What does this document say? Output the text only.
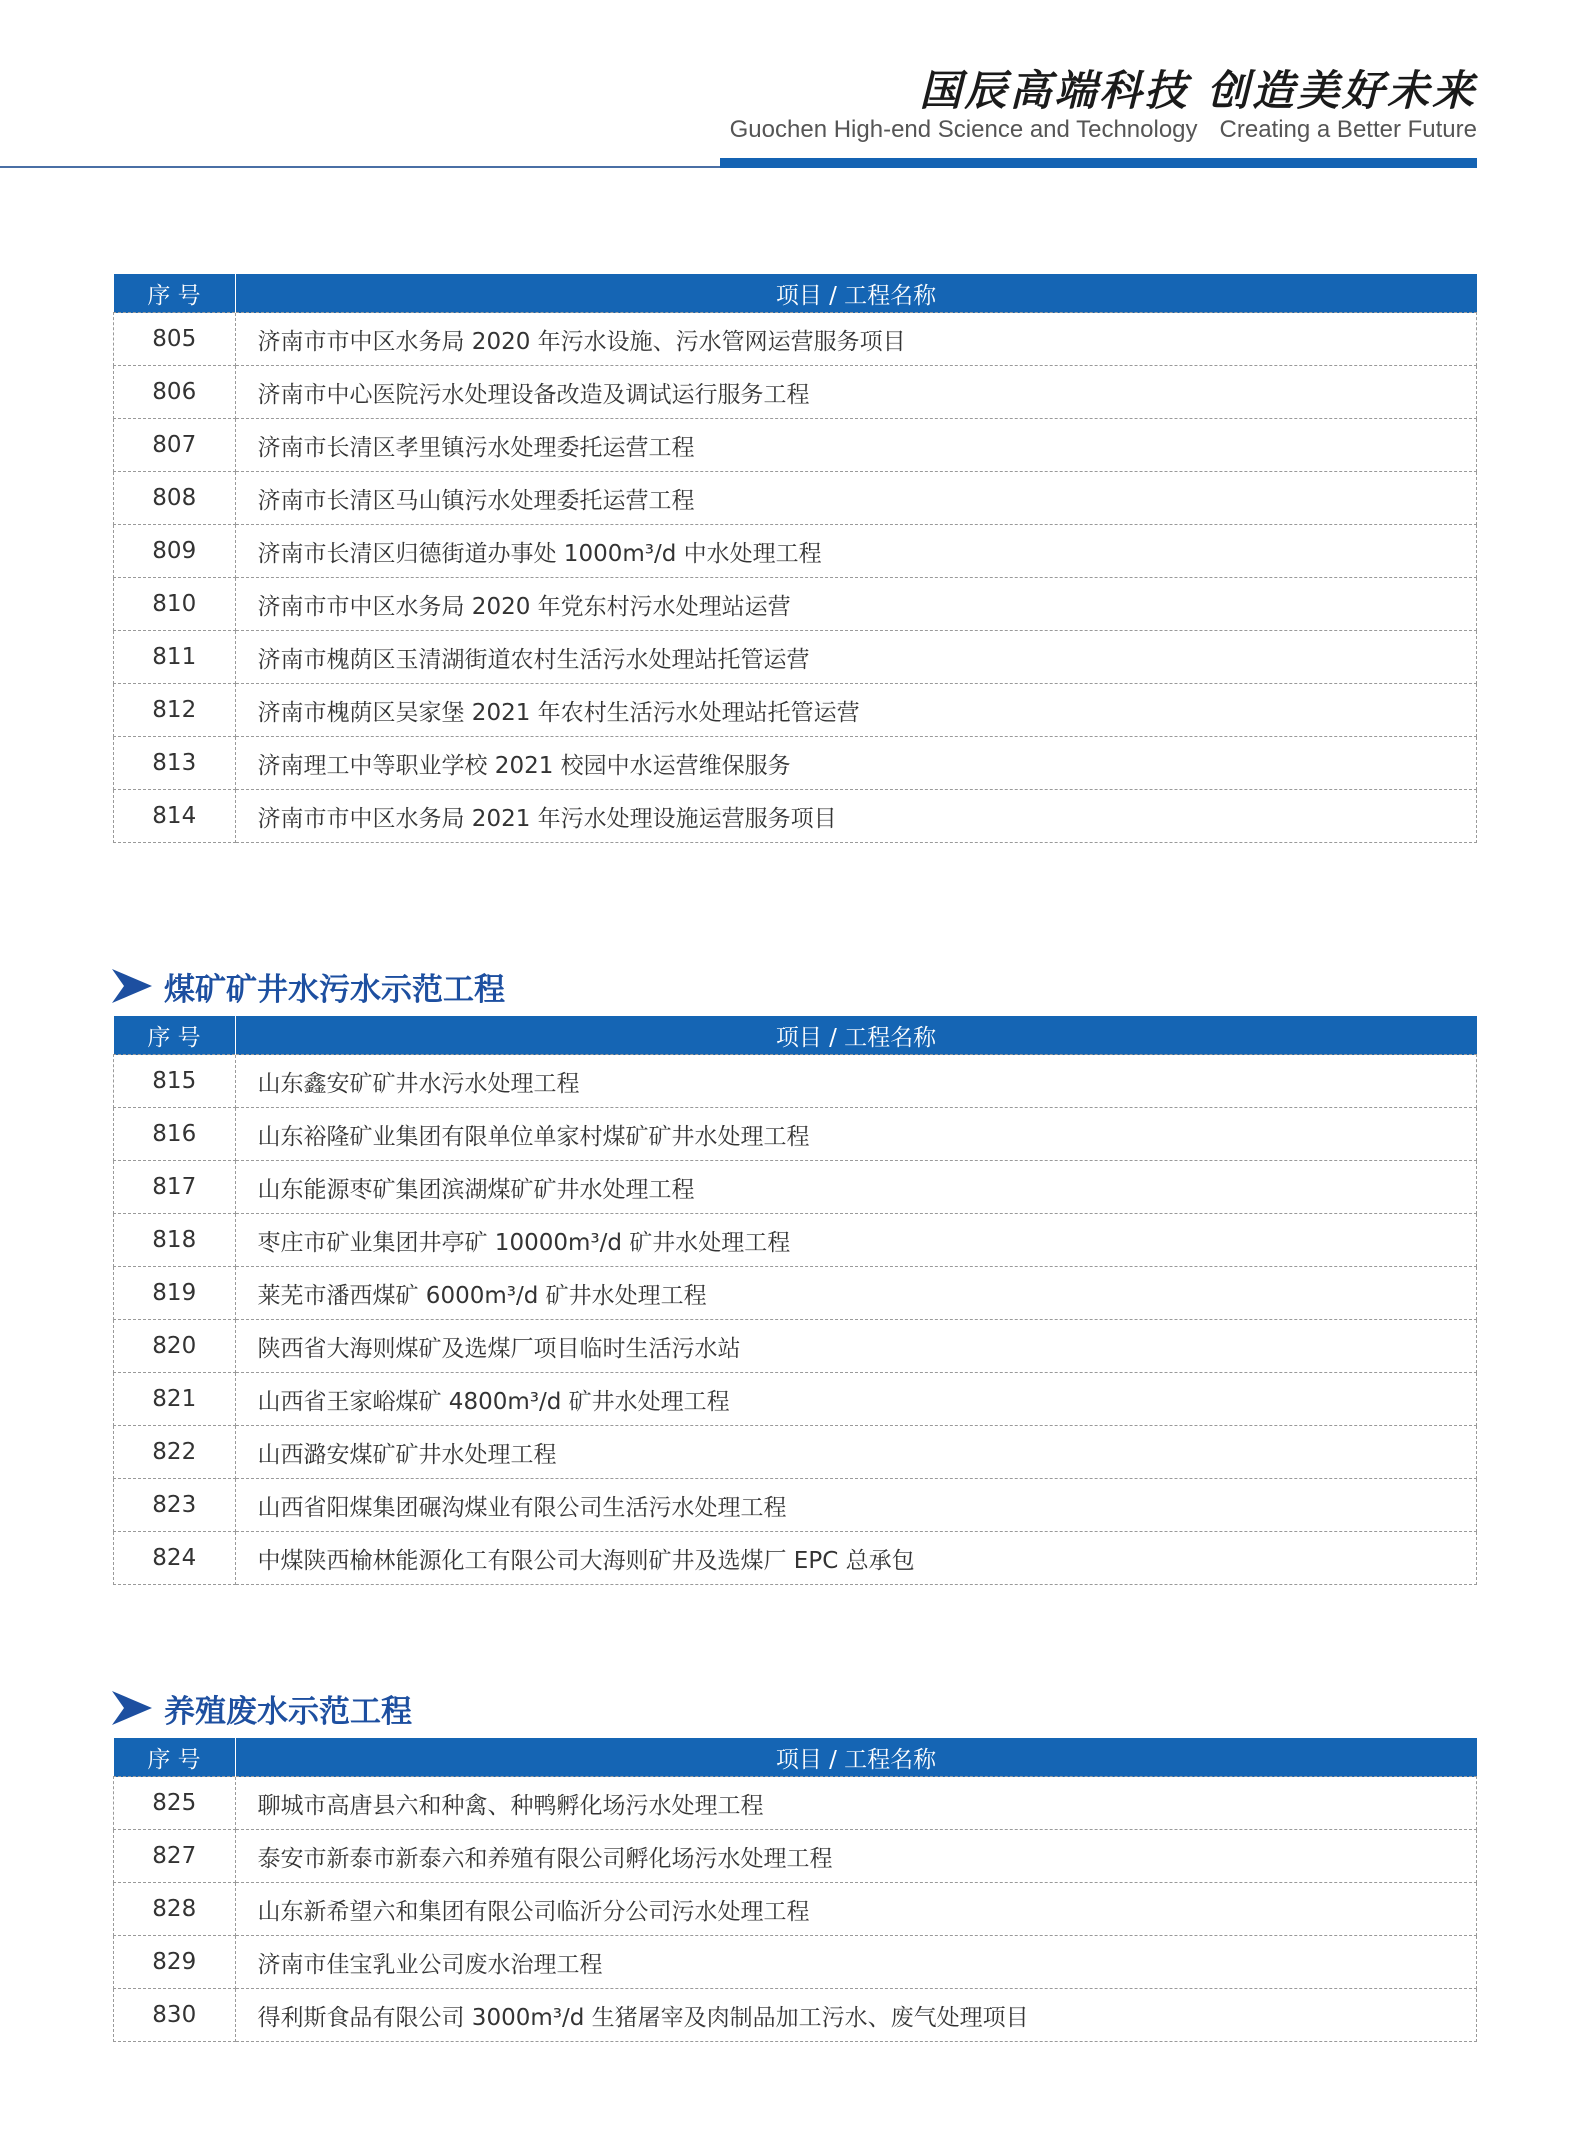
国辰高端科技 创造美好未来
Guochen High-end Science and Technology Creating a Better Future
序 号	项目 / 工程名称
805	济南市市中区水务局 2020 年污水设施、污水管网运营服务项目
806	济南市中心医院污水处理设备改造及调试运行服务工程
807	济南市长清区孝里镇污水处理委托运营工程
808	济南市长清区马山镇污水处理委托运营工程
809	济南市长清区归德街道办事处 1000m³/d 中水处理工程
810	济南市市中区水务局 2020 年党东村污水处理站运营
811	济南市槐荫区玉清湖街道农村生活污水处理站托管运营
812	济南市槐荫区吴家堡 2021 年农村生活污水处理站托管运营
813	济南理工中等职业学校 2021 校园中水运营维保服务
814	济南市市中区水务局 2021 年污水处理设施运营服务项目
煤矿矿井水污水示范工程
序 号	项目 / 工程名称
815	山东鑫安矿矿井水污水处理工程
816	山东裕隆矿业集团有限单位单家村煤矿矿井水处理工程
817	山东能源枣矿集团滨湖煤矿矿井水处理工程
818	枣庄市矿业集团井亭矿 10000m³/d 矿井水处理工程
819	莱芜市潘西煤矿 6000m³/d 矿井水处理工程
820	陕西省大海则煤矿及选煤厂项目临时生活污水站
821	山西省王家峪煤矿 4800m³/d 矿井水处理工程
822	山西潞安煤矿矿井水处理工程
823	山西省阳煤集团碾沟煤业有限公司生活污水处理工程
824	中煤陕西榆林能源化工有限公司大海则矿井及选煤厂 EPC 总承包
养殖废水示范工程
序 号	项目 / 工程名称
825	聊城市高唐县六和种禽、种鸭孵化场污水处理工程
827	泰安市新泰市新泰六和养殖有限公司孵化场污水处理工程
828	山东新希望六和集团有限公司临沂分公司污水处理工程
829	济南市佳宝乳业公司废水治理工程
830	得利斯食品有限公司 3000m³/d 生猪屠宰及肉制品加工污水、废气处理项目
